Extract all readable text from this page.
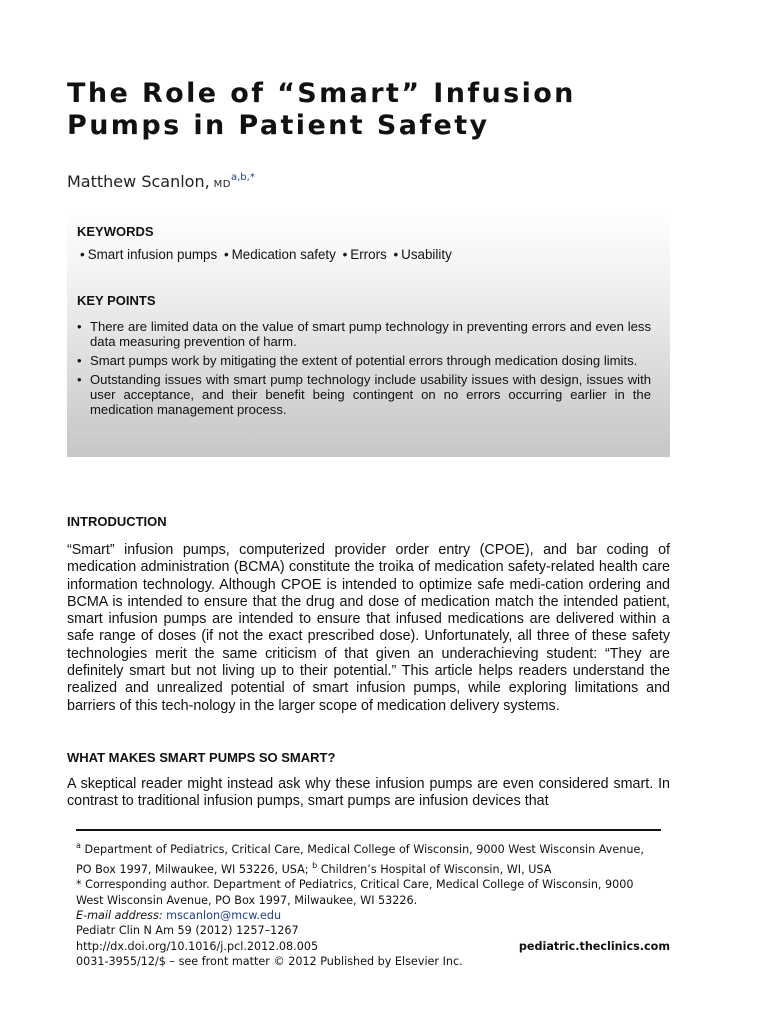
The Role of “Smart” Infusion
Pumps in Patient Safety
Matthew Scanlon, MD$^{a,b,*}$
KEYWORDS
• Smart infusion pumps • Medication safety • Errors • Usability
KEY POINTS
• There are limited data on the value of smart pump technology in preventing errors and even less data measuring prevention of harm.
• Smart pumps work by mitigating the extent of potential errors through medication dosing limits.
• Outstanding issues with smart pump technology include usability issues with design, issues with user acceptance, and their benefit being contingent on no errors occurring earlier in the medication management process.
INTRODUCTION

“Smart” infusion pumps, computerized provider order entry (CPOE), and bar coding of medication administration (BCMA) constitute the troika of medication safety-related health care information technology. Although CPOE is intended to optimize safe medi-cation ordering and BCMA is intended to ensure that the drug and dose of medication match the intended patient, smart infusion pumps are intended to ensure that infused medications are delivered within a safe range of doses (if not the exact prescribed dose). Unfortunately, all three of these safety technologies merit the same criticism of that given an underachieving student: “They are definitely smart but not living up to their potential.” This article helps readers understand the realized and unrealized potential of smart infusion pumps, while exploring limitations and barriers of this tech-nology in the larger scope of medication delivery systems.

WHAT MAKES SMART PUMPS SO SMART?

A skeptical reader might instead ask why these infusion pumps are even considered smart. In contrast to traditional infusion pumps, smart pumps are infusion devices that

$^a$ Department of Pediatrics, Critical Care, Medical College of Wisconsin, 9000 West Wisconsin Avenue, PO Box 1997, Milwaukee, WI 53226, USA; $^b$ Children’s Hospital of Wisconsin, WI, USA
* Corresponding author. Department of Pediatrics, Critical Care, Medical College of Wisconsin, 9000 West Wisconsin Avenue, PO Box 1997, Milwaukee, WI 53226.
E-mail address: mscanlon@mcw.edu
Pediatr Clin N Am 59 (2012) 1257–1267
http://dx.doi.org/10.1016/j.pcl.2012.08.005
0031-3955/12/$ – see front matter © 2012 Published by Elsevier Inc.
pediatric.theclinics.com
